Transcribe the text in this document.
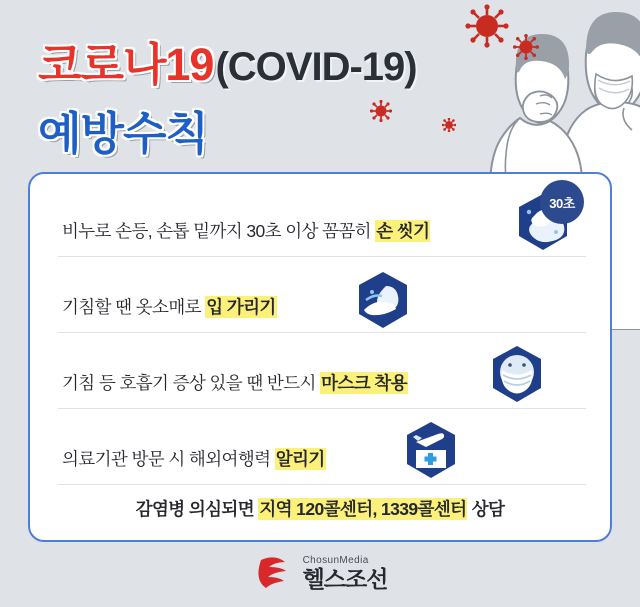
코로나19 (COVID-19)
예방수칙
비누로 손등, 손톱 밑까지 30초 이상 꼼꼼히 손 씻기
기침할 땐 옷소매로 입 가리기
기침 등 호흡기 증상 있을 땐 반드시 마스크 착용
의료기관 방문 시 해외여행력 알리기
30초
감염병 의심되면 지역 120콜센터, 1339콜센터 상담
ChosunMedia
헬스조선
